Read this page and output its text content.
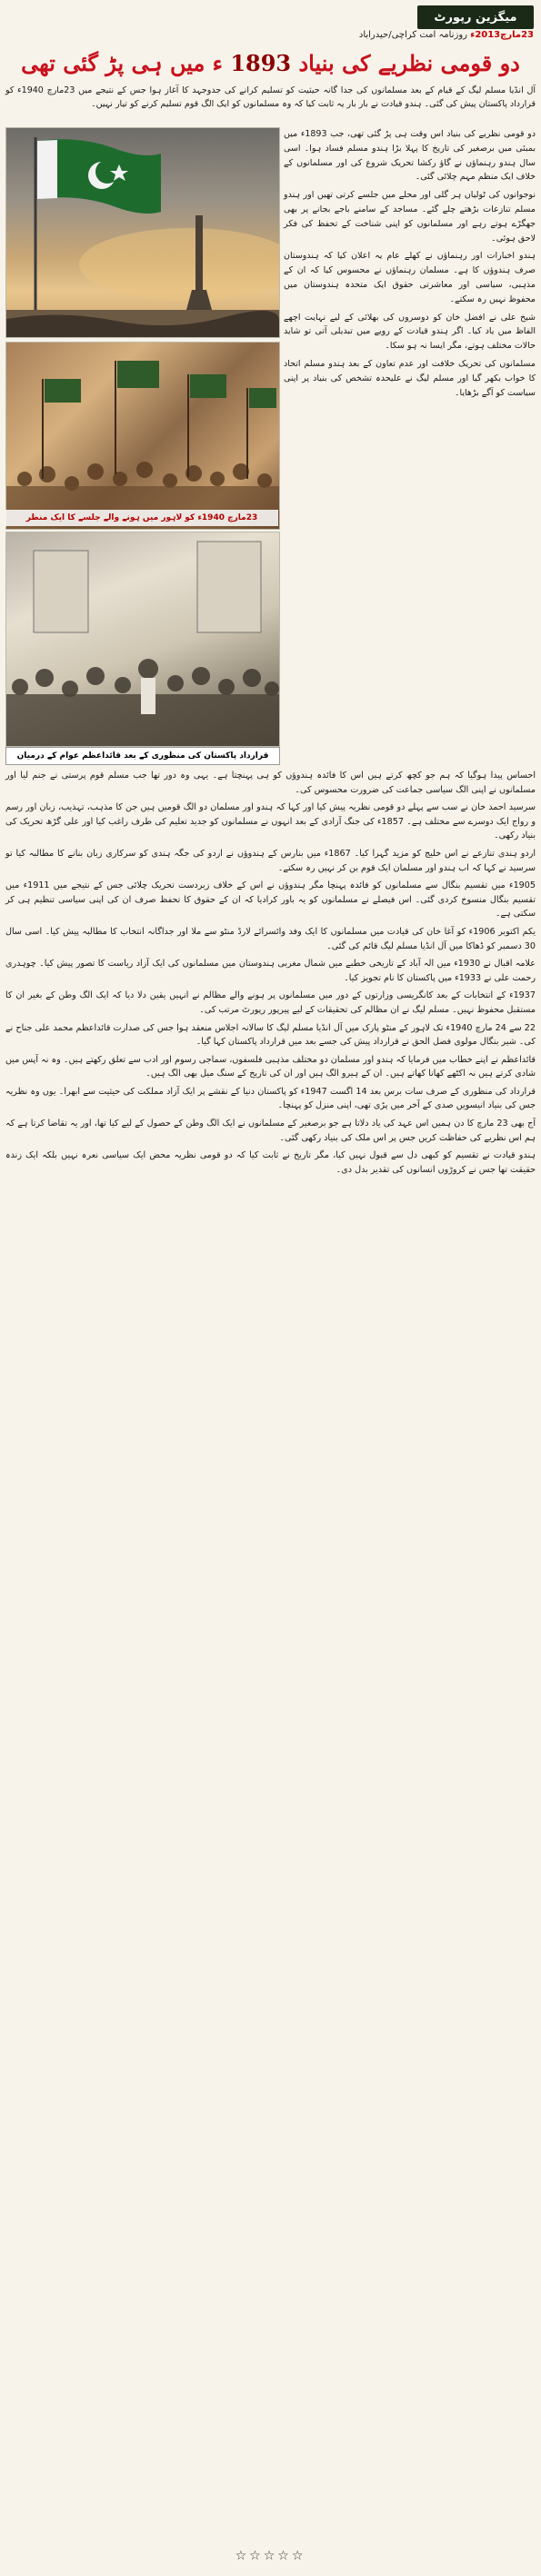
میگزین رپورٹ
23مارچ2013ء روزنامہ امت کراچی/حیدرآباد
دو قومی نظریے کی بنیاد 1893 ء میں ہی پڑ گئی تھی

آل انڈیا مسلم لیگ کے قیام کے بعد مسلمانوں کی جدا گانہ حیثیت کو تسلیم کرانے کی جدوجہد کا آغاز ہوا جس کے نتیجے میں 23مارچ 1940ء کو قرارداد پاکستان پیش کی گئی۔ ہندو قیادت نے بار بار یہ ثابت کیا کہ وہ مسلمانوں کو ایک الگ قوم تسلیم کرنے کو تیار نہیں۔

23مارچ 1940ء کو لاہور میں ہونے والے جلسے کا ایک منظر
قرارداد پاکستان کی منظوری کے بعد قائداعظم عوام کے درمیان

دو قومی نظریے کی بنیاد اس وقت ہی پڑ گئی تھی، جب 1893ء میں بمبئی میں برصغیر کی تاریخ کا پہلا بڑا ہندو مسلم فساد ہوا۔ اسی سال ہندو رہنماؤں نے گاؤ رکشا تحریک شروع کی اور مسلمانوں کے خلاف ایک منظم مہم چلائی گئی۔

نوجوانوں کی ٹولیاں ہر گلی اور محلے میں جلسے کرتی تھیں اور ہندو مسلم تنازعات بڑھتے چلے گئے۔ مساجد کے سامنے باجے بجانے پر بھی جھگڑے ہوتے رہے اور مسلمانوں کو اپنی شناخت کے تحفظ کی فکر لاحق ہوئی۔

ہندو اخبارات اور رہنماؤں نے کھلے عام یہ اعلان کیا کہ ہندوستان صرف ہندوؤں کا ہے۔ مسلمان رہنماؤں نے محسوس کیا کہ ان کے مذہبی، سیاسی اور معاشرتی حقوق ایک متحدہ ہندوستان میں محفوظ نہیں رہ سکتے۔

شیخ علی نے افضل خان کو دوسروں کی بھلائی کے لیے نہایت اچھے الفاظ میں یاد کیا۔ اگر ہندو قیادت کے رویے میں تبدیلی آتی تو شاید حالات مختلف ہوتے، مگر ایسا نہ ہو سکا۔

مسلمانوں کی تحریک خلافت اور عدم تعاون کے بعد ہندو مسلم اتحاد کا خواب بکھر گیا اور مسلم لیگ نے علیحدہ تشخص کی بنیاد پر اپنی سیاست کو آگے بڑھایا۔

احساس پیدا ہوگیا کہ ہم جو کچھ کرتے ہیں اس کا فائدہ ہندوؤں کو ہی پہنچتا ہے۔ یہی وہ دور تھا جب مسلم قوم پرستی نے جنم لیا اور مسلمانوں نے اپنی الگ سیاسی جماعت کی ضرورت محسوس کی۔

سرسید احمد خان نے سب سے پہلے دو قومی نظریہ پیش کیا اور کہا کہ ہندو اور مسلمان دو الگ قومیں ہیں جن کا مذہب، تہذیب، زبان اور رسم و رواج ایک دوسرے سے مختلف ہے۔ 1857ء کی جنگ آزادی کے بعد انہوں نے مسلمانوں کو جدید تعلیم کی طرف راغب کیا اور علی گڑھ تحریک کی بنیاد رکھی۔

اردو ہندی تنازعے نے اس خلیج کو مزید گہرا کیا۔ 1867ء میں بنارس کے ہندوؤں نے اردو کی جگہ ہندی کو سرکاری زبان بنانے کا مطالبہ کیا تو سرسید نے کہا کہ اب ہندو اور مسلمان ایک قوم بن کر نہیں رہ سکتے۔

1905ء میں تقسیم بنگال سے مسلمانوں کو فائدہ پہنچا مگر ہندوؤں نے اس کے خلاف زبردست تحریک چلائی جس کے نتیجے میں 1911ء میں تقسیم بنگال منسوخ کردی گئی۔ اس فیصلے نے مسلمانوں کو یہ باور کرادیا کہ ان کے حقوق کا تحفظ صرف ان کی اپنی سیاسی تنظیم ہی کر سکتی ہے۔

یکم اکتوبر 1906ء کو آغا خان کی قیادت میں مسلمانوں کا ایک وفد وائسرائے لارڈ منٹو سے ملا اور جداگانہ انتخاب کا مطالبہ پیش کیا۔ اسی سال 30 دسمبر کو ڈھاکا میں آل انڈیا مسلم لیگ قائم کی گئی۔

علامہ اقبال نے 1930ء میں الہ آباد کے تاریخی خطبے میں شمال مغربی ہندوستان میں مسلمانوں کی ایک آزاد ریاست کا تصور پیش کیا۔ چوہدری رحمت علی نے 1933ء میں پاکستان کا نام تجویز کیا۔

1937ء کے انتخابات کے بعد کانگریسی وزارتوں کے دور میں مسلمانوں پر ہونے والے مظالم نے انہیں یقین دلا دیا کہ ایک الگ وطن کے بغیر ان کا مستقبل محفوظ نہیں۔ مسلم لیگ نے ان مظالم کی تحقیقات کے لیے پیرپور رپورٹ مرتب کی۔

22 سے 24 مارچ 1940ء تک لاہور کے منٹو پارک میں آل انڈیا مسلم لیگ کا سالانہ اجلاس منعقد ہوا جس کی صدارت قائداعظم محمد علی جناح نے کی۔ شیر بنگال مولوی فضل الحق نے قرارداد پیش کی جسے بعد میں قرارداد پاکستان کہا گیا۔

قائداعظم نے اپنے خطاب میں فرمایا کہ ہندو اور مسلمان دو مختلف مذہبی فلسفوں، سماجی رسوم اور ادب سے تعلق رکھتے ہیں۔ وہ نہ آپس میں شادی کرتے ہیں نہ اکٹھے کھانا کھاتے ہیں۔ ان کے ہیرو الگ ہیں اور ان کی تاریخ کے سنگ میل بھی الگ ہیں۔

قرارداد کی منظوری کے صرف سات برس بعد 14 اگست 1947ء کو پاکستان دنیا کے نقشے پر ایک آزاد مملکت کی حیثیت سے ابھرا۔ یوں وہ نظریہ جس کی بنیاد انیسویں صدی کے آخر میں پڑی تھی، اپنی منزل کو پہنچا۔

آج بھی 23 مارچ کا دن ہمیں اس عہد کی یاد دلاتا ہے جو برصغیر کے مسلمانوں نے ایک الگ وطن کے حصول کے لیے کیا تھا، اور یہ تقاضا کرتا ہے کہ ہم اس نظریے کی حفاظت کریں جس پر اس ملک کی بنیاد رکھی گئی۔

ہندو قیادت نے تقسیم کو کبھی دل سے قبول نہیں کیا، مگر تاریخ نے ثابت کیا کہ دو قومی نظریہ محض ایک سیاسی نعرہ نہیں بلکہ ایک زندہ حقیقت تھا جس نے کروڑوں انسانوں کی تقدیر بدل دی۔

☆☆☆☆☆
